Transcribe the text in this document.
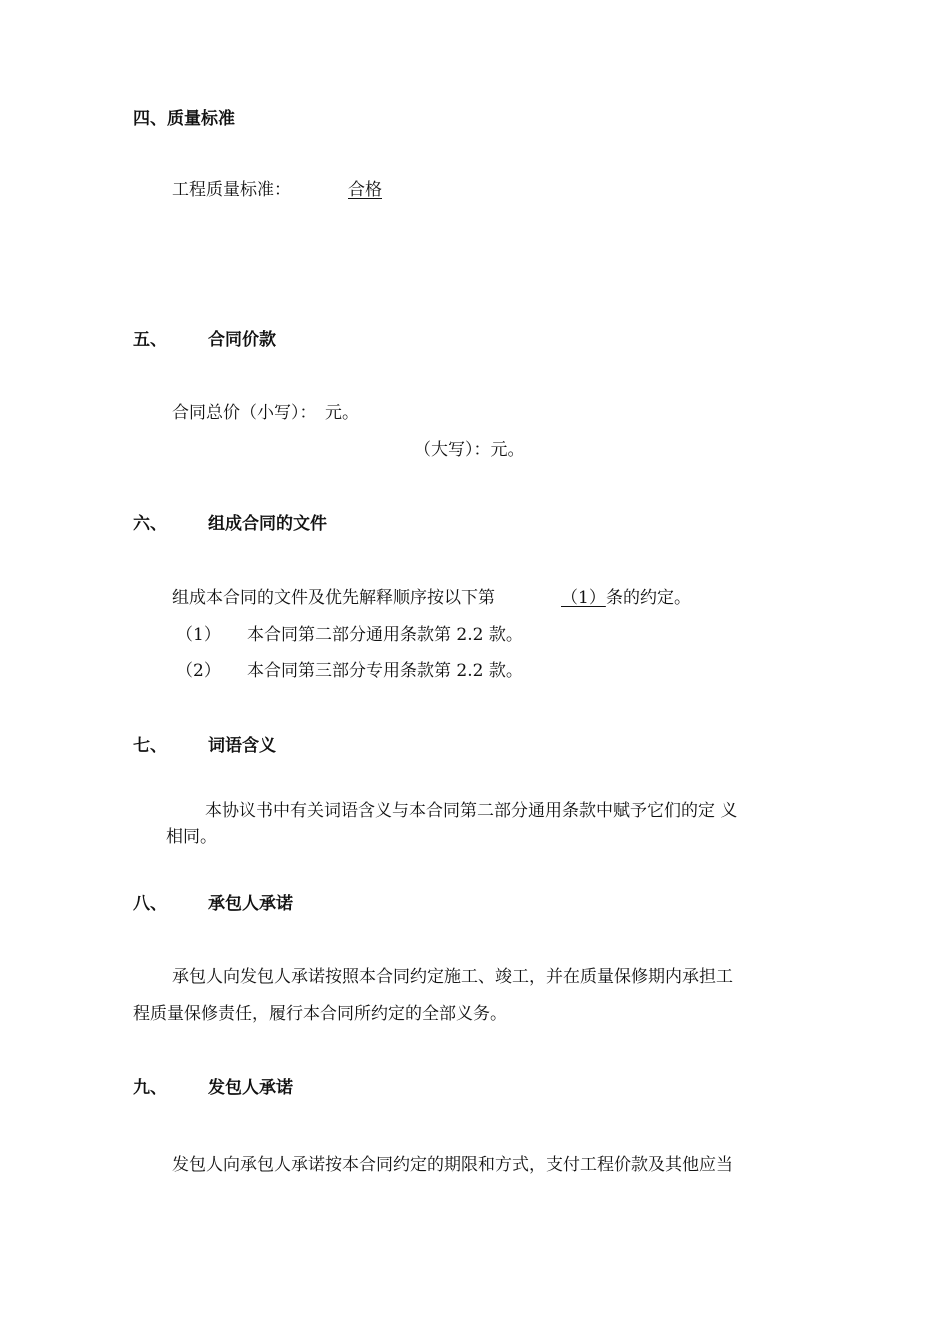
四、质量标准
工程质量标准：	合格
五、 合同价款
合同总价（小写）：　元。
（大写）：元。
六、 组成合同的文件
组成本合同的文件及优先解释顺序按以下第	（1） 条的约定。
（1） 本合同第二部分通用条款第 2.2 款。
（2） 本合同第三部分专用条款第 2.2 款。
七、 词语含义
本协议书中有关词语含义与本合同第二部分通用条款中赋予它们的定 义
相同。
八、 承包人承诺
承包人向发包人承诺按照本合同约定施工、竣工，并在质量保修期内承担工
程质量保修责任，履行本合同所约定的全部义务。
九、 发包人承诺
发包人向承包人承诺按本合同约定的期限和方式，支付工程价款及其他应当
